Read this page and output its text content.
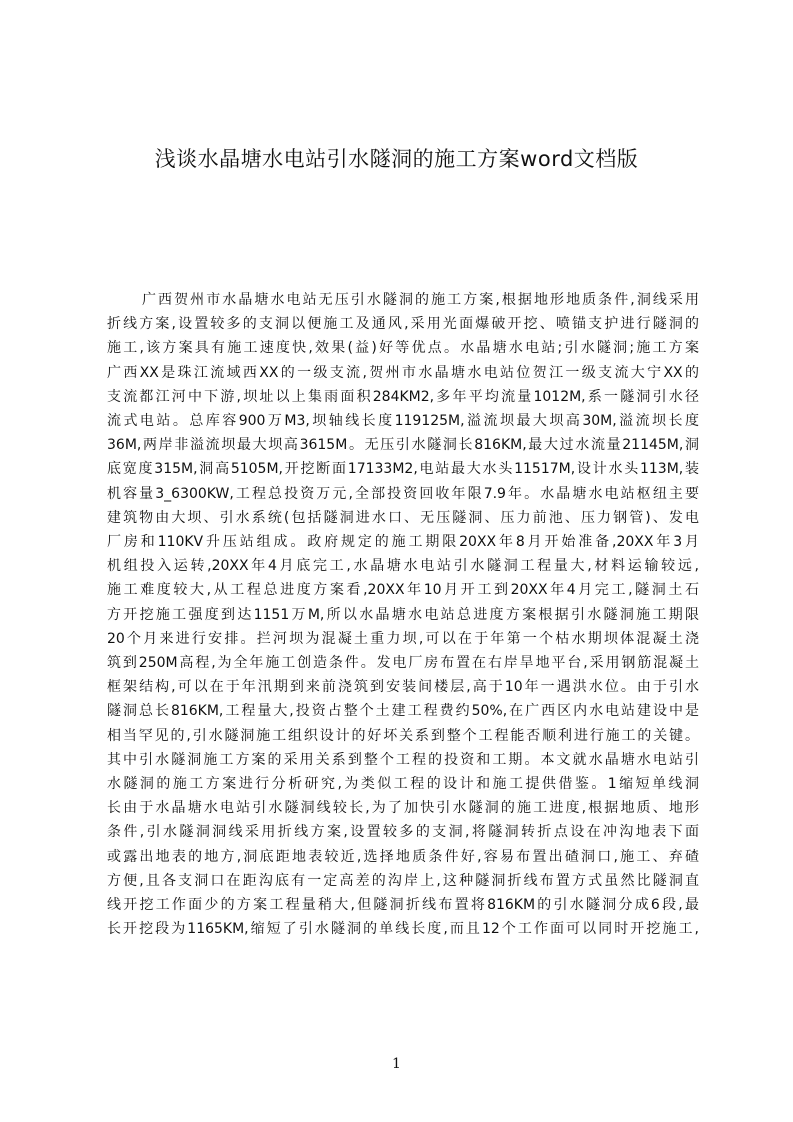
浅谈水晶塘水电站引水隧洞的施工方案word文档版
广西贺州市水晶塘水电站无压引水隧洞的施工方案,根据地形地质条件,洞线采用
折线方案,设置较多的支洞以便施工及通风,采用光面爆破开挖、喷锚支护进行隧洞的
施工,该方案具有施工速度快,效果(益)好等优点。水晶塘水电站;引水隧洞;施工方案
广西XX是珠江流域西XX的一级支流,贺州市水晶塘水电站位贺江一级支流大宁XX的
支流都江河中下游,坝址以上集雨面积284KM2,多年平均流量1012M,系一隧洞引水径
流式电站。总库容900万M3,坝轴线长度119125M,溢流坝最大坝高30M,溢流坝长度
36M,两岸非溢流坝最大坝高3615M。无压引水隧洞长816KM,最大过水流量21145M,洞
底宽度315M,洞高5105M,开挖断面17133M2,电站最大水头11517M,设计水头113M,装
机容量3_6300KW,工程总投资万元,全部投资回收年限7.9年。水晶塘水电站枢纽主要
建筑物由大坝、引水系统(包括隧洞进水口、无压隧洞、压力前池、压力钢管)、发电
厂房和110KV升压站组成。政府规定的施工期限20XX年8月开始准备,20XX年3月
机组投入运转,20XX年4月底完工,水晶塘水电站引水隧洞工程量大,材料运输较远,
施工难度较大,从工程总进度方案看,20XX年10月开工到20XX年4月完工,隧洞土石
方开挖施工强度到达1151万M,所以水晶塘水电站总进度方案根据引水隧洞施工期限
20个月来进行安排。拦河坝为混凝土重力坝,可以在于年第一个枯水期坝体混凝土浇
筑到250M高程,为全年施工创造条件。发电厂房布置在右岸旱地平台,采用钢筋混凝土
框架结构,可以在于年汛期到来前浇筑到安装间楼层,高于10年一遇洪水位。由于引水
隧洞总长816KM,工程量大,投资占整个土建工程费约50%,在广西区内水电站建设中是
相当罕见的,引水隧洞施工组织设计的好坏关系到整个工程能否顺利进行施工的关键。
其中引水隧洞施工方案的采用关系到整个工程的投资和工期。本文就水晶塘水电站引
水隧洞的施工方案进行分析研究,为类似工程的设计和施工提供借鉴。1缩短单线洞
长由于水晶塘水电站引水隧洞线较长,为了加快引水隧洞的施工进度,根据地质、地形
条件,引水隧洞洞线采用折线方案,设置较多的支洞,将隧洞转折点设在冲沟地表下面
或露出地表的地方,洞底距地表较近,选择地质条件好,容易布置出碴洞口,施工、弃碴
方便,且各支洞口在距沟底有一定高差的沟岸上,这种隧洞折线布置方式虽然比隧洞直
线开挖工作面少的方案工程量稍大,但隧洞折线布置将816KM的引水隧洞分成6段,最
长开挖段为1165KM,缩短了引水隧洞的单线长度,而且12个工作面可以同时开挖施工,
1
